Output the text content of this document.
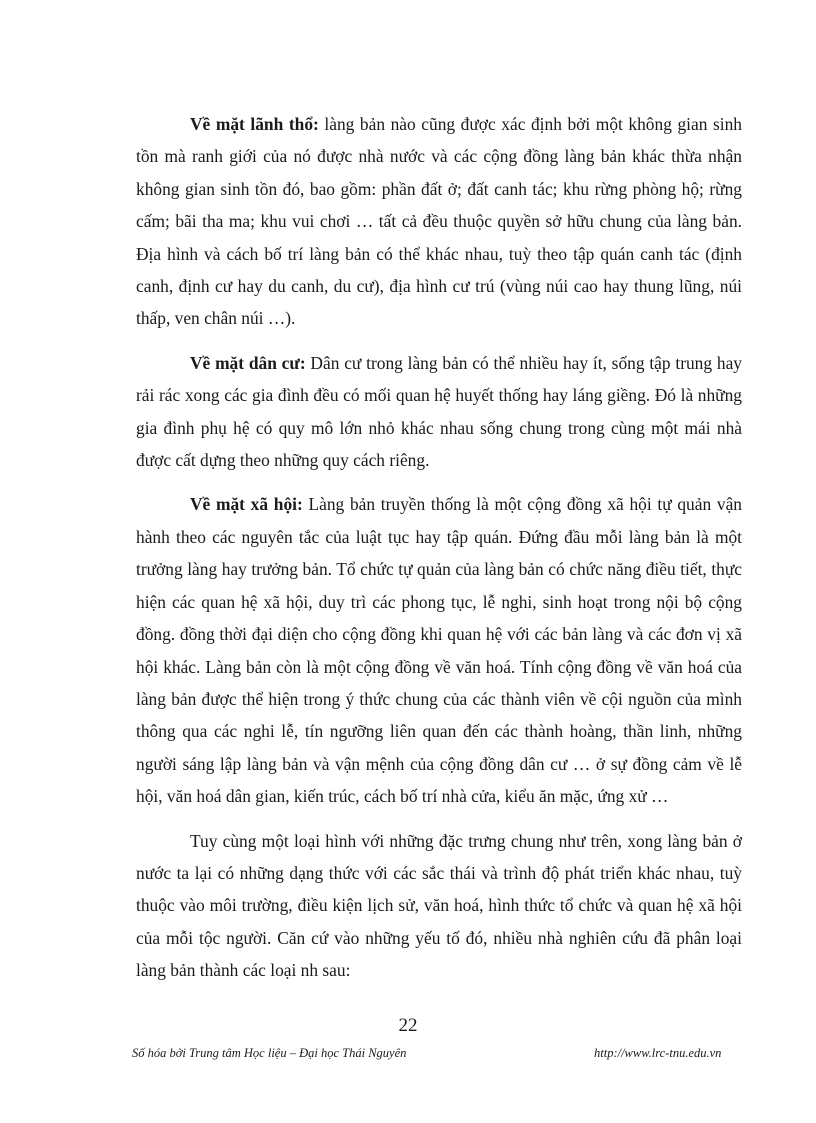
Về mặt lãnh thổ: làng bản nào cũng được xác định bởi một không gian sinh tồn mà ranh giới của nó được nhà nước và các cộng đồng làng bản khác thừa nhận không gian sinh tồn đó, bao gồm: phần đất ở; đất canh tác; khu rừng phòng hộ; rừng cấm; bãi tha ma; khu vui chơi … tất cả đều thuộc quyền sở hữu chung của làng bản. Địa hình và cách bố trí làng bản có thể khác nhau, tuỳ theo tập quán canh tác (định canh, định cư hay du canh, du cư), địa hình cư trú (vùng núi cao hay thung lũng, núi thấp, ven chân núi …).

Về mặt dân cư: Dân cư trong làng bản có thể nhiều hay ít, sống tập trung hay rải rác xong các gia đình đều có mối quan hệ huyết thống hay láng giềng. Đó là những gia đình phụ hệ có quy mô lớn nhỏ khác nhau sống chung trong cùng một mái nhà được cất dựng theo những quy cách riêng.

Về mặt xã hội: Làng bản truyền thống là một cộng đồng xã hội tự quản vận hành theo các nguyên tắc của luật tục hay tập quán. Đứng đầu mỗi làng bản là một trưởng làng hay trưởng bản. Tổ chức tự quản của làng bản có chức năng điều tiết, thực hiện các quan hệ xã hội, duy trì các phong tục, lễ nghi, sinh hoạt trong nội bộ cộng đồng. đồng thời đại diện cho cộng đồng khi quan hệ với các bản làng và các đơn vị xã hội khác. Làng bản còn là một cộng đồng về văn hoá. Tính cộng đồng về văn hoá của làng bản được thể hiện trong ý thức chung của các thành viên về cội nguồn của mình thông qua các nghi lễ, tín ngưỡng liên quan đến các thành hoàng, thần linh, những người sáng lập làng bản và vận mệnh của cộng đồng dân cư … ở sự đồng cảm về lễ hội, văn hoá dân gian, kiến trúc, cách bố trí nhà cửa, kiểu ăn mặc, ứng xử …

Tuy cùng một loại hình với những đặc trưng chung như trên, xong làng bản ở nước ta lại có những dạng thức với các sắc thái và trình độ phát triển khác nhau, tuỳ thuộc vào môi trường, điều kiện lịch sử, văn hoá, hình thức tổ chức và quan hệ xã hội của mỗi tộc người. Căn cứ vào những yếu tố đó, nhiều nhà nghiên cứu đã phân loại làng bản thành các loại nh sau:

22
Số hóa bởi Trung tâm Học liệu – Đại học Thái Nguyên	http://www.lrc-tnu.edu.vn
